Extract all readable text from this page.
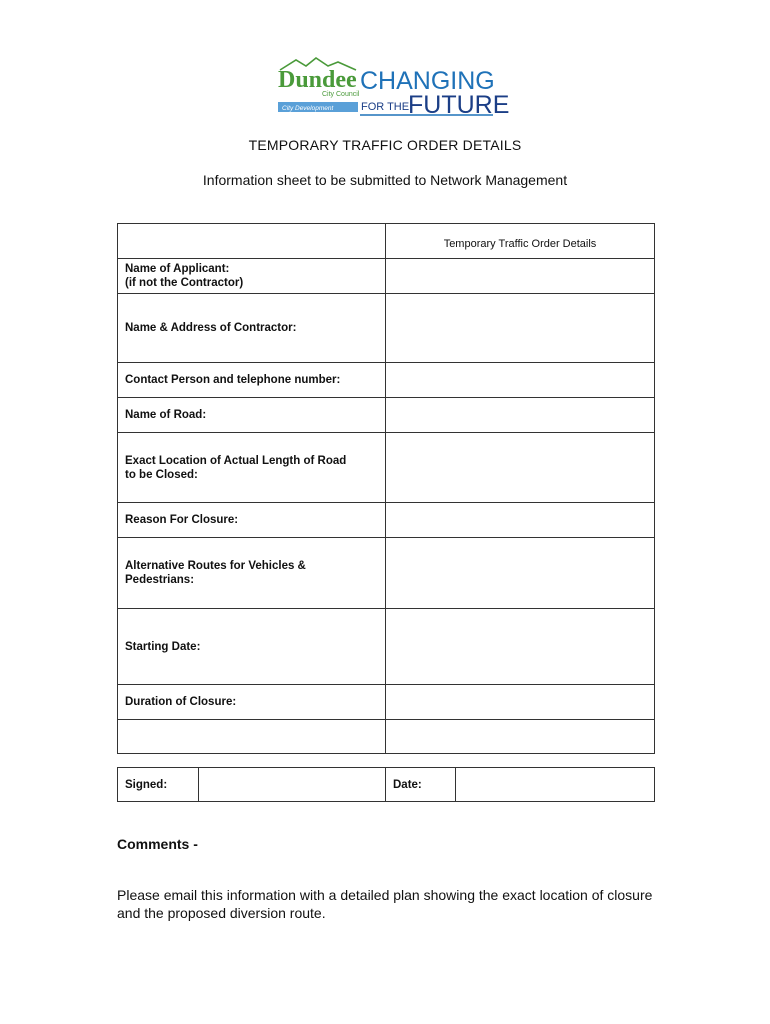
Dundee
City Council
City Development
CHANGING
FOR THE
FUTURE
TEMPORARY TRAFFIC ORDER DETAILS
Information sheet to be submitted to Network Management
	Temporary Traffic Order Details

Name of Applicant:
(if not the Contractor)	

Name & Address of Contractor:	

Contact Person and telephone number:	

Name of Road:	

Exact Location of Actual Length of Road
to be Closed:	

Reason For Closure:	

Alternative Routes for Vehicles &
Pedestrians:	

Starting Date:	

Duration of Closure:	

Signed:		Date:	
Comments -
Please email this information with a detailed plan showing the exact location of closure and the proposed diversion route.
